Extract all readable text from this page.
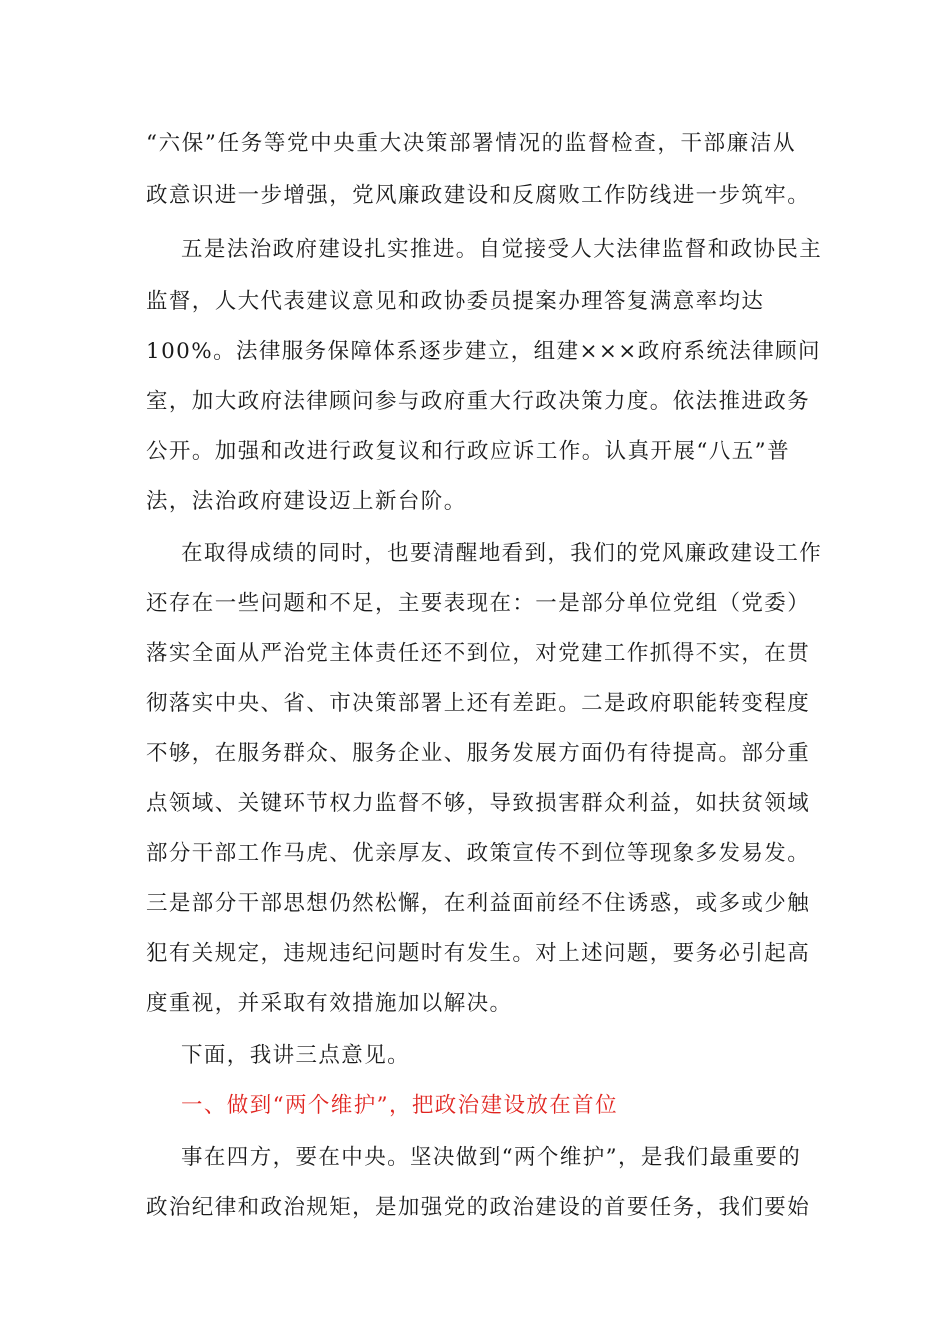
“六保”任务等党中央重大决策部署情况的监督检查，干部廉洁从
政意识进一步增强，党风廉政建设和反腐败工作防线进一步筑牢。
五是法治政府建设扎实推进。自觉接受人大法律监督和政协民主
监督，人大代表建议意见和政协委员提案办理答复满意率均达
100%。法律服务保障体系逐步建立，组建×××政府系统法律顾问
室，加大政府法律顾问参与政府重大行政决策力度。依法推进政务
公开。加强和改进行政复议和行政应诉工作。认真开展“八五”普
法，法治政府建设迈上新台阶。
在取得成绩的同时，也要清醒地看到，我们的党风廉政建设工作
还存在一些问题和不足，主要表现在：一是部分单位党组（党委）
落实全面从严治党主体责任还不到位，对党建工作抓得不实，在贯
彻落实中央、省、市决策部署上还有差距。二是政府职能转变程度
不够，在服务群众、服务企业、服务发展方面仍有待提高。部分重
点领域、关键环节权力监督不够，导致损害群众利益，如扶贫领域
部分干部工作马虎、优亲厚友、政策宣传不到位等现象多发易发。
三是部分干部思想仍然松懈，在利益面前经不住诱惑，或多或少触
犯有关规定，违规违纪问题时有发生。对上述问题，要务必引起高
度重视，并采取有效措施加以解决。
下面，我讲三点意见。
一、做到“两个维护”，把政治建设放在首位
事在四方，要在中央。坚决做到“两个维护”，是我们最重要的
政治纪律和政治规矩，是加强党的政治建设的首要任务，我们要始
